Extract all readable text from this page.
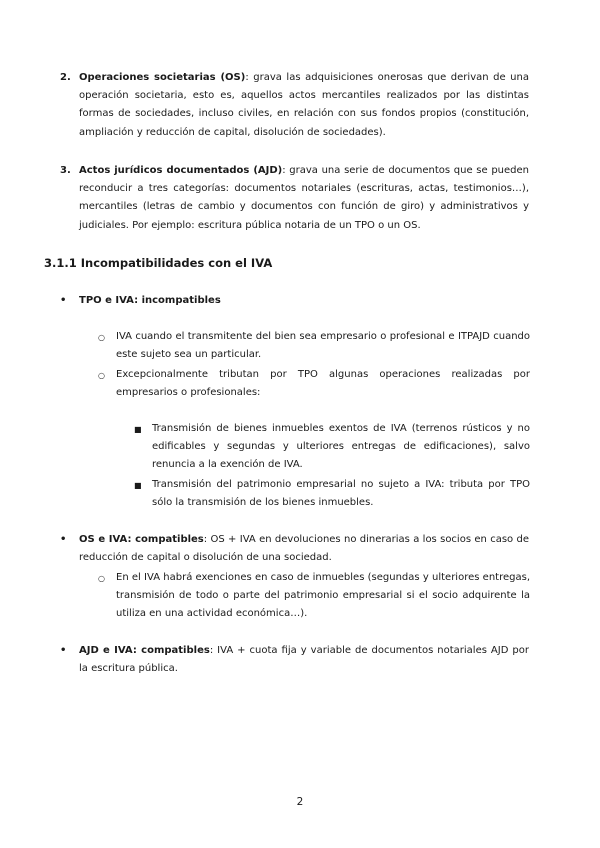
2. Operaciones societarias (OS): grava las adquisiciones onerosas que derivan de una operación societaria, esto es, aquellos actos mercantiles realizados por las distintas formas de sociedades, incluso civiles, en relación con sus fondos propios (constitución, ampliación y reducción de capital, disolución de sociedades).
3. Actos jurídicos documentados (AJD): grava una serie de documentos que se pueden reconducir a tres categorías: documentos notariales (escrituras, actas, testimonios…), mercantiles (letras de cambio y documentos con función de giro) y administrativos y judiciales. Por ejemplo: escritura pública notaria de un TPO o un OS.
3.1.1 Incompatibilidades con el IVA
• TPO e IVA: incompatibles
○ IVA cuando el transmitente del bien sea empresario o profesional e ITPAJD cuando este sujeto sea un particular.
○ Excepcionalmente tributan por TPO algunas operaciones realizadas por empresarios o profesionales:
■ Transmisión de bienes inmuebles exentos de IVA (terrenos rústicos y no edificables y segundas y ulteriores entregas de edificaciones), salvo renuncia a la exención de IVA.
■ Transmisión del patrimonio empresarial no sujeto a IVA: tributa por TPO sólo la transmisión de los bienes inmuebles.
• OS e IVA: compatibles: OS + IVA en devoluciones no dinerarias a los socios en caso de reducción de capital o disolución de una sociedad.
○ En el IVA habrá exenciones en caso de inmuebles (segundas y ulteriores entregas, transmisión de todo o parte del patrimonio empresarial si el socio adquirente la utiliza en una actividad económica…).
• AJD e IVA: compatibles: IVA + cuota fija y variable de documentos notariales AJD por la escritura pública.
2
